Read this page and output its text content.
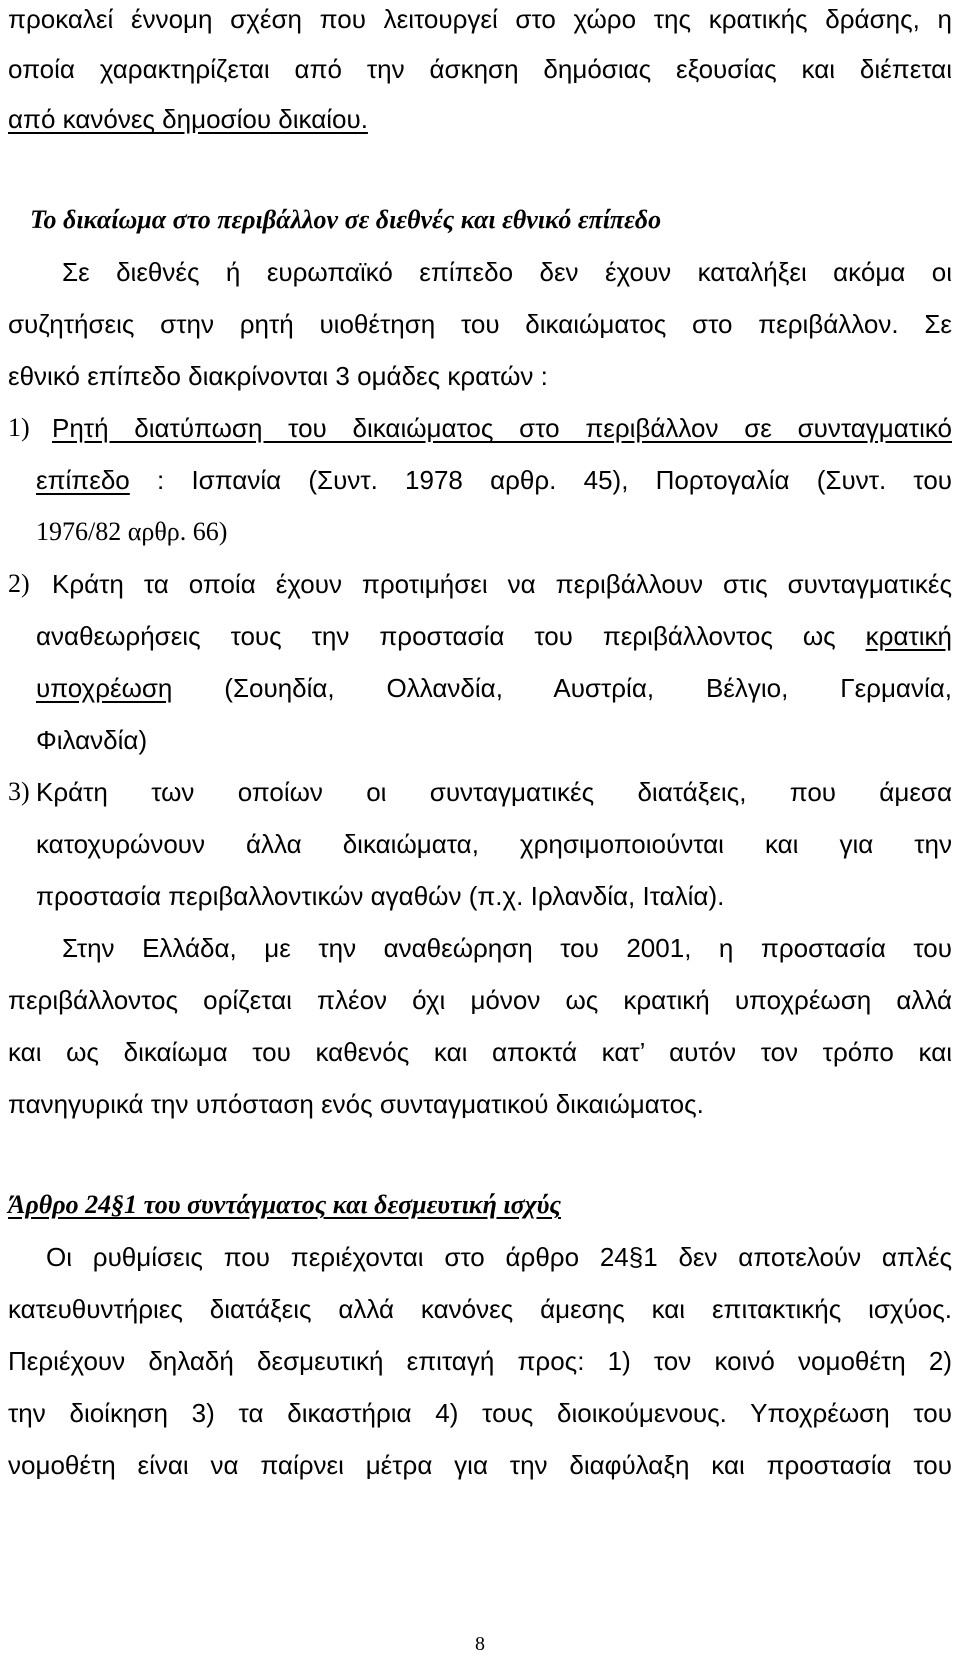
προκαλεί έννομη σχέση που λειτουργεί στο χώρο της κρατικής δράσης, η
οποία χαρακτηρίζεται από την άσκηση δημόσιας εξουσίας και διέπεται
από κανόνες δημοσίου δικαίου.
Το δικαίωμα στο περιβάλλον σε διεθνές και εθνικό επίπεδο
Σε διεθνές ή ευρωπαϊκό επίπεδο δεν έχουν καταλήξει ακόμα οι
συζητήσεις στην ρητή υιοθέτηση του δικαιώματος στο περιβάλλον. Σε
εθνικό επίπεδο διακρίνονται 3 ομάδες κρατών :
1) Ρητή διατύπωση του δικαιώματος στο περιβάλλον σε συνταγματικό
επίπεδο : Ισπανία (Συντ. 1978 αρθρ. 45), Πορτογαλία (Συντ. του
1976/82 αρθρ. 66)
2) Κράτη τα οποία έχουν προτιμήσει να περιβάλλουν στις συνταγματικές
αναθεωρήσεις τους την προστασία του περιβάλλοντος ως κρατική
υποχρέωση (Σουηδία, Ολλανδία, Αυστρία, Βέλγιο, Γερμανία,
Φιλανδία)
3) Κράτη των οποίων οι συνταγματικές διατάξεις, που άμεσα
κατοχυρώνουν άλλα δικαιώματα, χρησιμοποιούνται και για την
προστασία περιβαλλοντικών αγαθών (π.χ. Ιρλανδία, Ιταλία).
Στην Ελλάδα, με την αναθεώρηση του 2001, η προστασία του
περιβάλλοντος ορίζεται πλέον όχι μόνον ως κρατική υποχρέωση αλλά
και ως δικαίωμα του καθενός και αποκτά κατ’ αυτόν τον τρόπο και
πανηγυρικά την υπόσταση ενός συνταγματικού δικαιώματος.
Άρθρο 24§1 του συντάγματος και δεσμευτική ισχύς
Οι ρυθμίσεις που περιέχονται στο άρθρο 24§1 δεν αποτελούν απλές
κατευθυντήριες διατάξεις αλλά κανόνες άμεσης και επιτακτικής ισχύος.
Περιέχουν δηλαδή δεσμευτική επιταγή προς: 1) τον κοινό νομοθέτη 2)
την διοίκηση 3) τα δικαστήρια 4) τους διοικούμενους. Υποχρέωση του
νομοθέτη είναι να παίρνει μέτρα για την διαφύλαξη και προστασία του
8
